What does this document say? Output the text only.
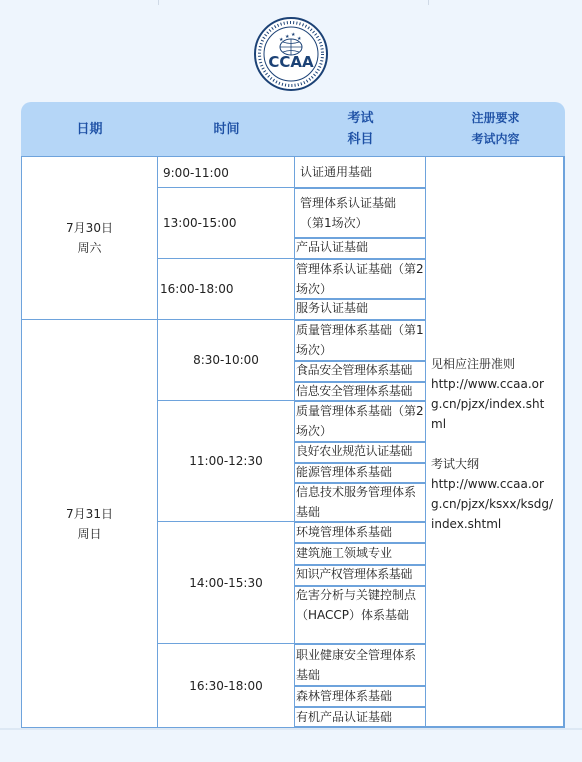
★ ★
★	★
CCAA
日期	时间
考试
科目
注册要求
考试内容
7月30日
周六
7月31日
周日
9:00-11:00
13:00-15:00
16:00-18:00
8:30-10:00
11:00-12:30
14:00-15:30
16:30-18:00
认证通用基础
管理体系认证基础（第1场次）
产品认证基础
管理体系认证基础（第2场次）
服务认证基础
质量管理体系基础（第1场次）
食品安全管理体系基础
信息安全管理体系基础
质量管理体系基础（第2场次）
良好农业规范认证基础
能源管理体系基础
信息技术服务管理体系基础
环境管理体系基础
建筑施工领域专业
知识产权管理体系基础
危害分析与关键控制点（HACCP）体系基础
职业健康安全管理体系基础
森林管理体系基础
有机产品认证基础
见相应注册准则
http://www.ccaa.org.cn/pjzx/index.shtml
考试大纲
http://www.ccaa.org.cn/pjzx/ksxx/ksdg/index.shtml
